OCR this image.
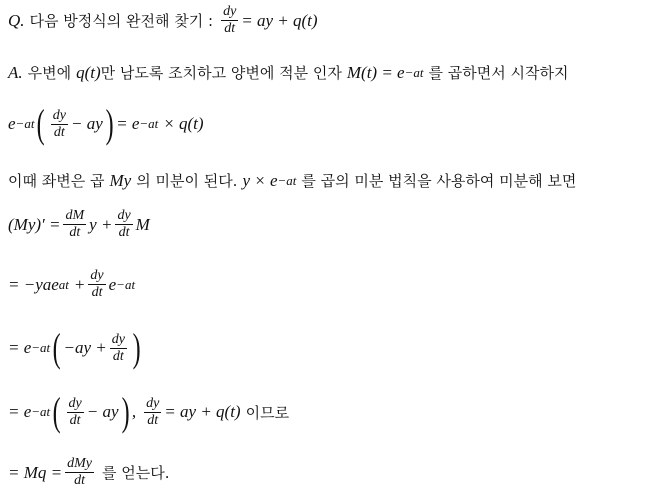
Q. 다음 방정식의 완전해 찾기 : $\frac{dy}{dt}$ = ay + q(t)
A. 우변에 q(t) 만 남도록 조치하고 양변에 적분 인자 M(t) = e −at 를 곱하면서 시작하지
e −at ( $\frac{dy}{dt}$ − ay ) = e −at × q(t)
이때 좌변은 곱 My 의 미분이 된다. y × e −at 를 곱의 미분 법칙을 사용하여 미분해 보면
$(My)' = \frac{dM}{dt}$ $y + \frac{dy}{dt}$ M
= −yae at + $\frac{dy}{dt}$ e −at
= e −at ( $-ay + \frac{dy}{dt}$ )
= e −at ( $\frac{dy}{dt}$ − ay ) , $\frac{dy}{dt}$ = ay + q(t) 이므로
= $Mq = \frac{\text{dMy}}{dt}$ 를 얻는다.
